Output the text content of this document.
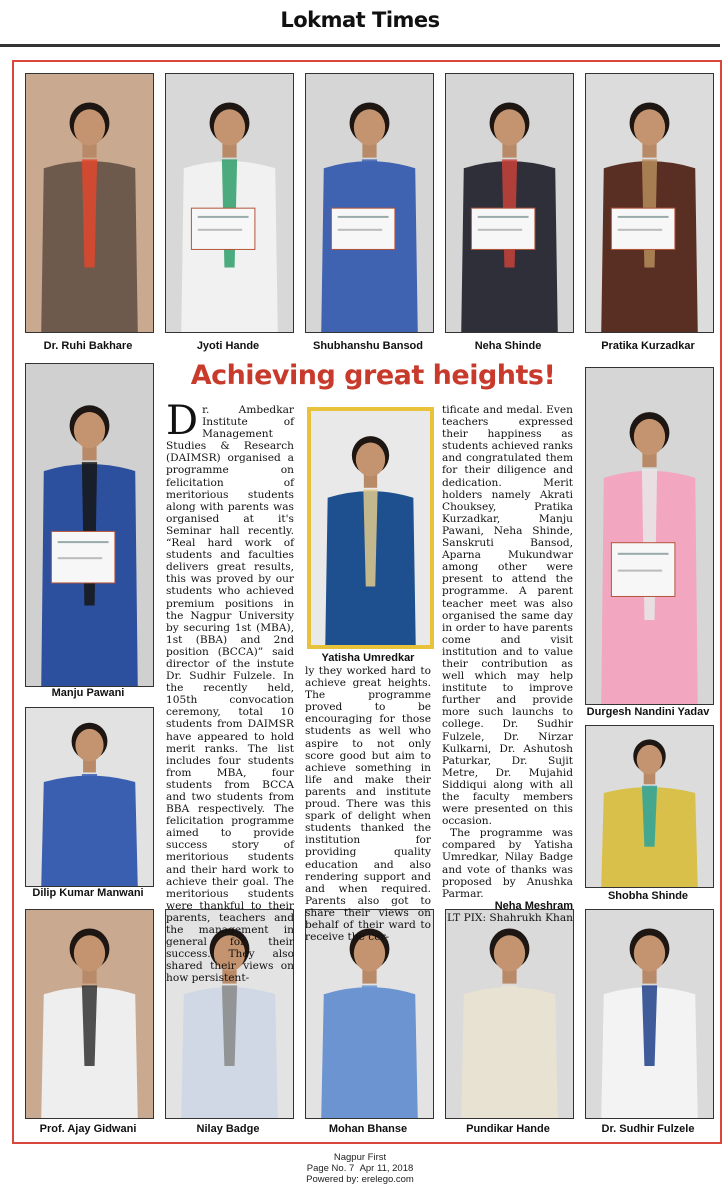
Lokmat Times
Dr. Ruhi Bakhare	Jyoti Hande	Shubhanshu Bansod	Neha Shinde	Pratika Kurzadkar
Manju Pawani
Yatisha Umredkar
Durgesh Nandini Yadav
Dilip Kumar Manwani	Shobha Shinde
Prof. Ajay Gidwani	Nilay Badge	Mohan Bhanse	Pundikar Hande	Dr. Sudhir Fulzele
Achieving great heights!

Dr. Ambedkar Institute of Management Studies & Research (DAIMSR) organised a programme on felicitation of meritorious students along with parents was organised at it's Seminar hall recently. “Real hard work of students and faculties delivers great results, this was proved by our students who achieved premium positions in the Nagpur University by securing 1st (MBA), 1st (BBA) and 2nd position (BCCA)” said director of the instute Dr. Sudhir Fulzele. In the recently held, 105th convocation ceremony, total 10 students from DAIMSR have appeared to hold merit ranks. The list includes four students from MBA, four students from BCCA and two students from BBA respectively. The felicitation programme aimed to provide success story of meritorious students and their hard work to achieve their goal. The meritorious students were thankful to their parents, teachers and the management in general for their success. They also shared their views on how persistent-

ly they worked hard to achieve great heights. The programme proved to be encouraging for those students as well who aspire to not only score good but aim to achieve something in life and make their parents and institute proud. There was this spark of delight when students thanked the institution for providing quality education and also rendering support and and when required. Parents also got to share their views on behalf of their ward to receive the cer-

tificate and medal. Even teachers expressed their happiness as students achieved ranks and congratulated them for their diligence and dedication. Merit holders namely Akrati Chouksey, Pratika Kurzadkar, Manju Pawani, Neha Shinde, Sanskruti Bansod, Aparna Mukundwar among other were present to attend the programme. A parent teacher meet was also organised the same day in order to have parents come and visit institution and to value their contribution as well which may help institute to improve further and provide more such launchs to college. Dr. Sudhir Fulzele, Dr. Nirzar Kulkarni, Dr. Ashutosh Paturkar, Dr. Sujit Metre, Dr. Mujahid Siddiqui along with all the faculty members were presented on this occasion.

The programme was compared by Yatisha Umredkar, Nilay Badge and vote of thanks was proposed by Anushka Parmar.

Neha Meshram
LT PIX: Shahrukh Khan
Nagpur First
Page No. 7 Apr 11, 2018
Powered by: erelego.com
